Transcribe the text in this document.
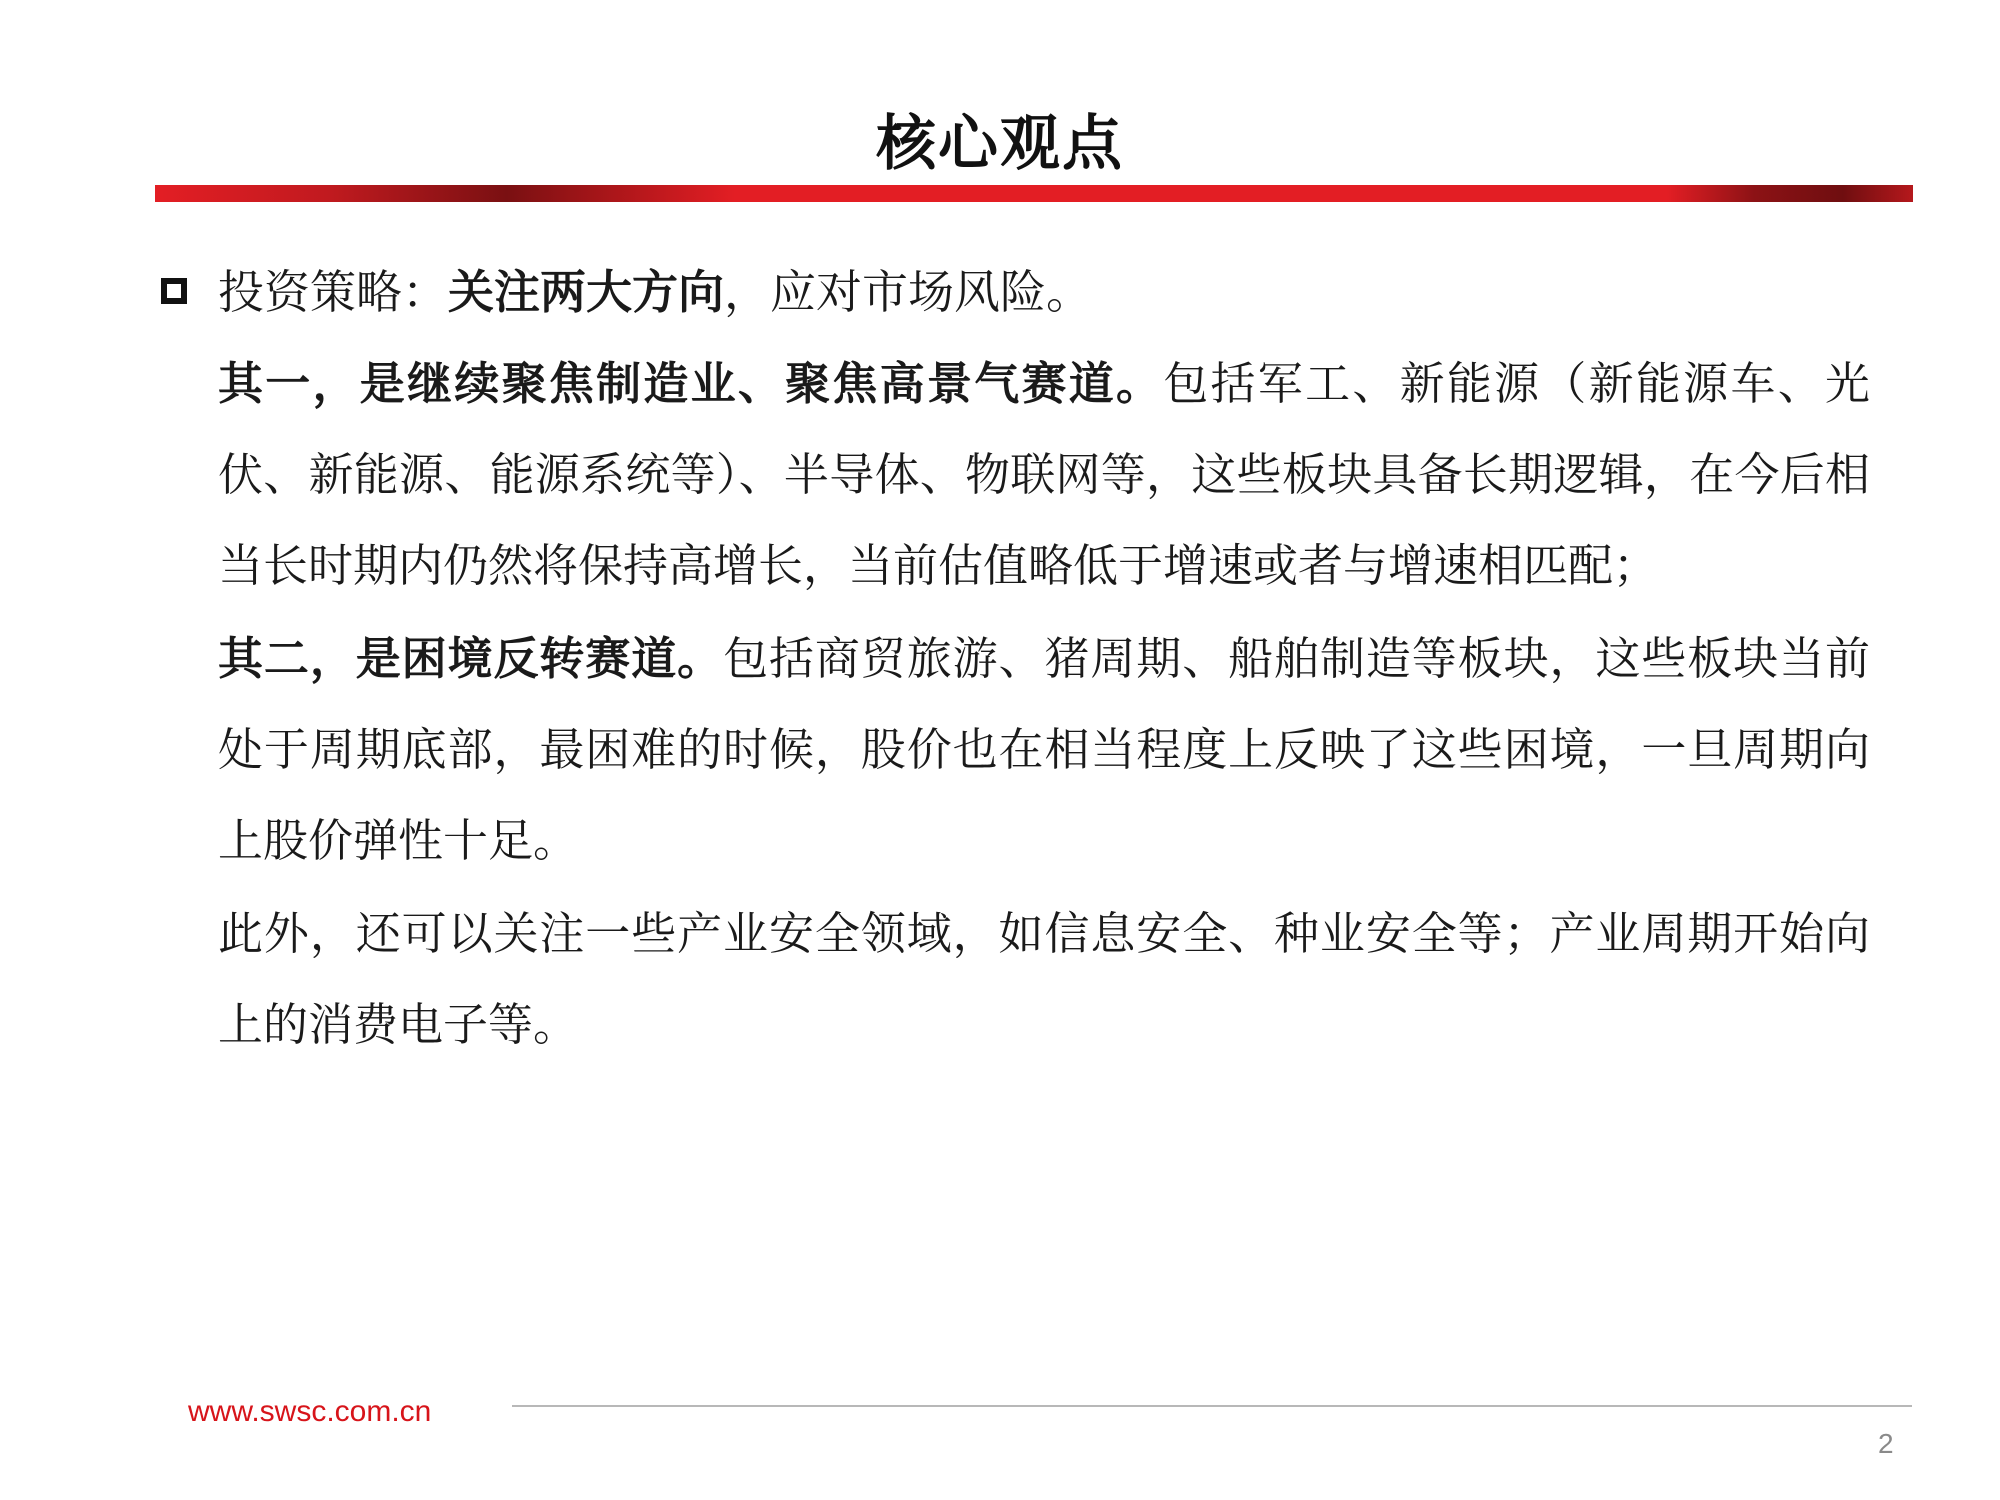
核心观点
投资策略：关注两大方向，应对市场风险。
其一，是继续聚焦制造业、聚焦高景气赛道。包括军工、新能源（新能源车、光伏、新能源、能源系统等）、半导体、物联网等，这些板块具备长期逻辑，在今后相当长时期内仍然将保持高增长，当前估值略低于增速或者与增速相匹配；
其二，是困境反转赛道。包括商贸旅游、猪周期、船舶制造等板块，这些板块当前处于周期底部，最困难的时候，股价也在相当程度上反映了这些困境，一旦周期向上股价弹性十足。
此外，还可以关注一些产业安全领域，如信息安全、种业安全等；产业周期开始向上的消费电子等。
www.swsc.com.cn
2
